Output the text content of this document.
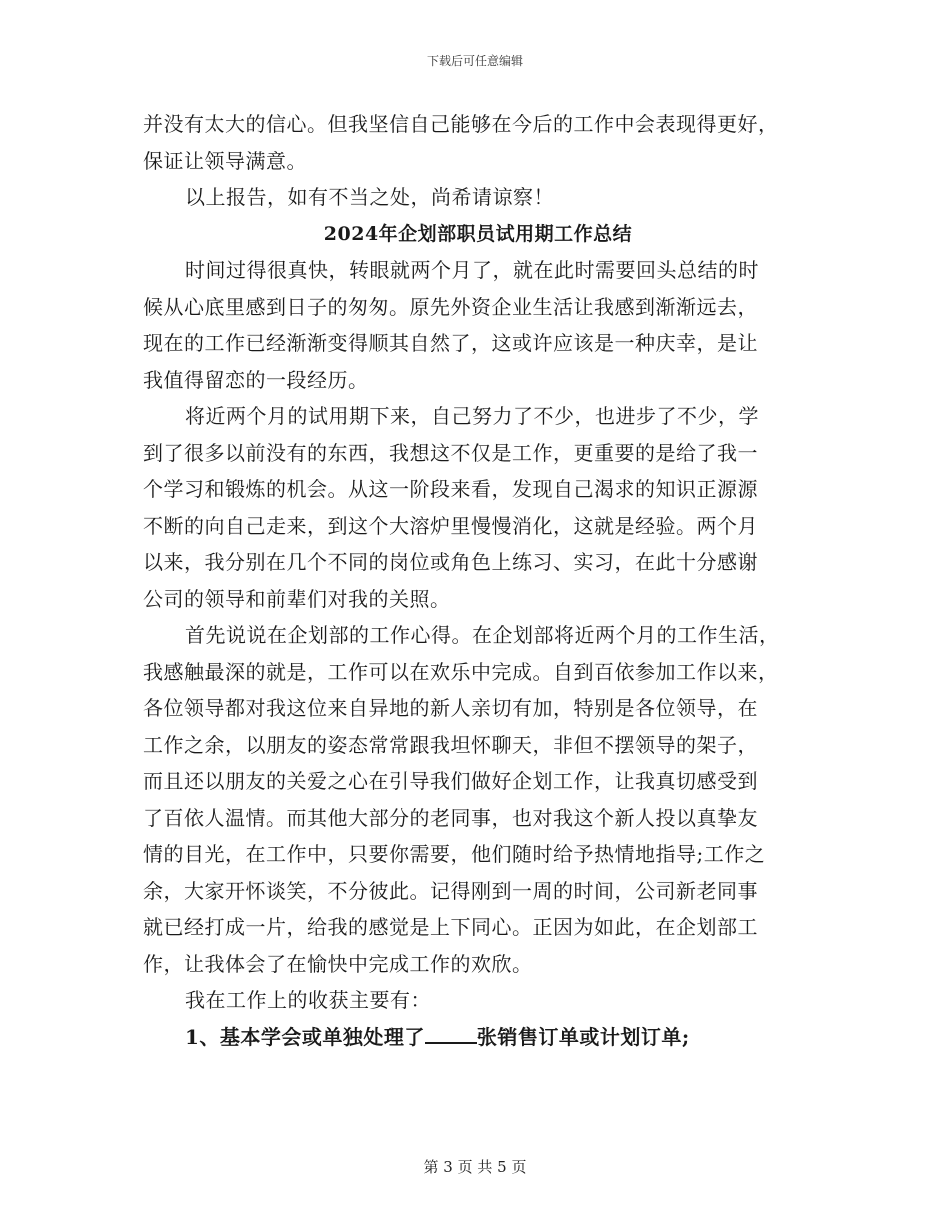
下载后可任意编辑
并没有太大的信心。但我坚信自己能够在今后的工作中会表现得更好，
保证让领导满意。
以上报告，如有不当之处，尚希请谅察！
2024年企划部职员试用期工作总结
时间过得很真快，转眼就两个月了，就在此时需要回头总结的时
候从心底里感到日子的匆匆。原先外资企业生活让我感到渐渐远去，
现在的工作已经渐渐变得顺其自然了，这或许应该是一种庆幸，是让
我值得留恋的一段经历。
将近两个月的试用期下来，自己努力了不少，也进步了不少，学
到了很多以前没有的东西，我想这不仅是工作，更重要的是给了我一
个学习和锻炼的机会。从这一阶段来看，发现自己渴求的知识正源源
不断的向自己走来，到这个大溶炉里慢慢消化，这就是经验。两个月
以来，我分别在几个不同的岗位或角色上练习、实习，在此十分感谢
公司的领导和前辈们对我的关照。
首先说说在企划部的工作心得。在企划部将近两个月的工作生活，
我感触最深的就是，工作可以在欢乐中完成。自到百依参加工作以来，
各位领导都对我这位来自异地的新人亲切有加，特别是各位领导，在
工作之余，以朋友的姿态常常跟我坦怀聊天，非但不摆领导的架子，
而且还以朋友的关爱之心在引导我们做好企划工作，让我真切感受到
了百依人温情。而其他大部分的老同事，也对我这个新人投以真挚友
情的目光，在工作中，只要你需要，他们随时给予热情地指导;工作之
余，大家开怀谈笑，不分彼此。记得刚到一周的时间，公司新老同事
就已经打成一片，给我的感觉是上下同心。正因为如此，在企划部工
作，让我体会了在愉快中完成工作的欢欣。
我在工作上的收获主要有：
1、基本学会或单独处理了	张销售订单或计划订单;
第 3 页 共 5 页
